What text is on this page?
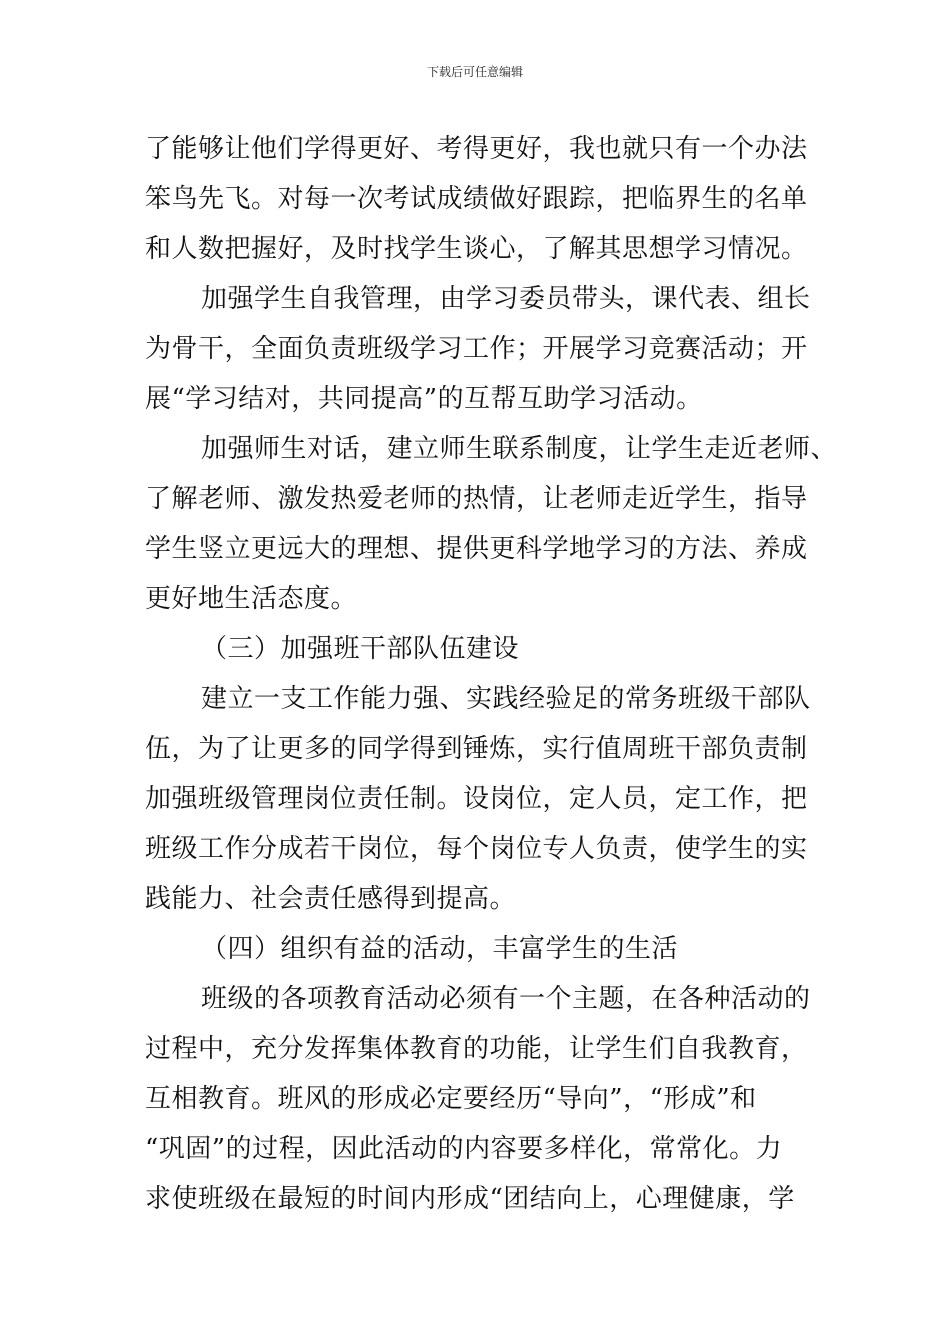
下载后可任意编辑
了能够让他们学得更好、考得更好，我也就只有一个办法
笨鸟先飞。对每一次考试成绩做好跟踪，把临界生的名单
和人数把握好，及时找学生谈心，了解其思想学习情况。
加强学生自我管理，由学习委员带头，课代表、组长
为骨干，全面负责班级学习工作；开展学习竞赛活动；开
展“学习结对，共同提高”的互帮互助学习活动。
加强师生对话，建立师生联系制度，让学生走近老师、
了解老师、激发热爱老师的热情，让老师走近学生，指导
学生竖立更远大的理想、提供更科学地学习的方法、养成
更好地生活态度。
（三）加强班干部队伍建设
建立一支工作能力强、实践经验足的常务班级干部队
伍，为了让更多的同学得到锤炼，实行值周班干部负责制
加强班级管理岗位责任制。设岗位，定人员，定工作，把
班级工作分成若干岗位，每个岗位专人负责，使学生的实
践能力、社会责任感得到提高。
（四）组织有益的活动，丰富学生的生活
班级的各项教育活动必须有一个主题，在各种活动的
过程中，充分发挥集体教育的功能，让学生们自我教育，
互相教育。班风的形成必定要经历“导向”，“形成”和
“巩固”的过程，因此活动的内容要多样化，常常化。力
求使班级在最短的时间内形成“团结向上，心理健康，学
